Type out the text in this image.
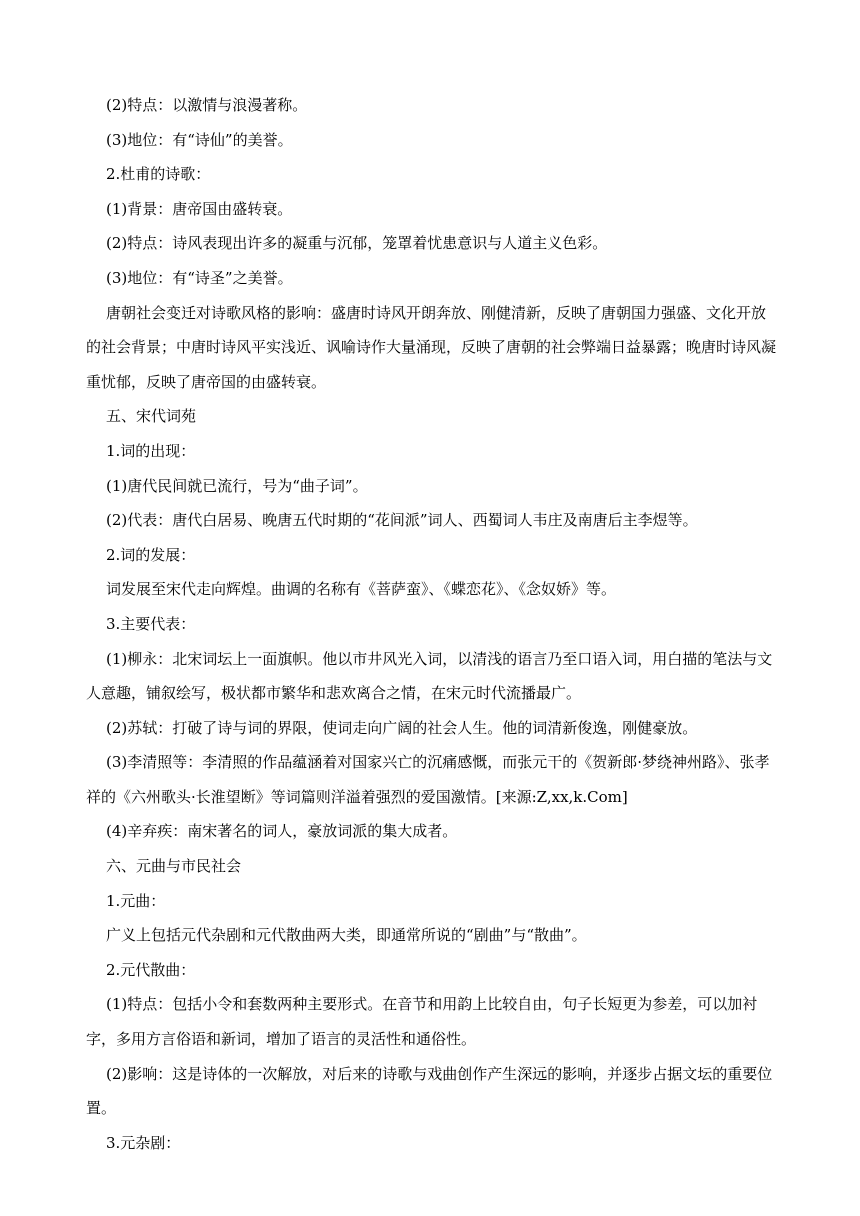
(2)特点：以激情与浪漫著称。

(3)地位：有“诗仙”的美誉。

2.杜甫的诗歌：

(1)背景：唐帝国由盛转衰。

(2)特点：诗风表现出许多的凝重与沉郁，笼罩着忧患意识与人道主义色彩。

(3)地位：有“诗圣”之美誉。

唐朝社会变迁对诗歌风格的影响：盛唐时诗风开朗奔放、刚健清新，反映了唐朝国力强盛、文化开放的社会背景；中唐时诗风平实浅近、讽喻诗作大量涌现，反映了唐朝的社会弊端日益暴露；晚唐时诗风凝重忧郁，反映了唐帝国的由盛转衰。

五、宋代词苑

1.词的出现：

(1)唐代民间就已流行，号为“曲子词”。

(2)代表：唐代白居易、晚唐五代时期的“花间派”词人、西蜀词人韦庄及南唐后主李煜等。

2.词的发展：

词发展至宋代走向辉煌。曲调的名称有《菩萨蛮》、《蝶恋花》、《念奴娇》等。

3.主要代表：

(1)柳永：北宋词坛上一面旗帜。他以市井风光入词，以清浅的语言乃至口语入词，用白描的笔法与文人意趣，铺叙绘写，极状都市繁华和悲欢离合之情，在宋元时代流播最广。

(2)苏轼：打破了诗与词的界限，使词走向广阔的社会人生。他的词清新俊逸，刚健豪放。

(3)李清照等：李清照的作品蕴涵着对国家兴亡的沉痛感慨，而张元干的《贺新郎·梦绕神州路》、张孝祥的《六州歌头·长淮望断》等词篇则洋溢着强烈的爱国激情。[来源:Z,xx,k.Com]

(4)辛弃疾：南宋著名的词人，豪放词派的集大成者。

六、元曲与市民社会

1.元曲：

广义上包括元代杂剧和元代散曲两大类，即通常所说的“剧曲”与“散曲”。

2.元代散曲：

(1)特点：包括小令和套数两种主要形式。在音节和用韵上比较自由，句子长短更为参差，可以加衬字，多用方言俗语和新词，增加了语言的灵活性和通俗性。

(2)影响：这是诗体的一次解放，对后来的诗歌与戏曲创作产生深远的影响，并逐步占据文坛的重要位置。

3.元杂剧：
